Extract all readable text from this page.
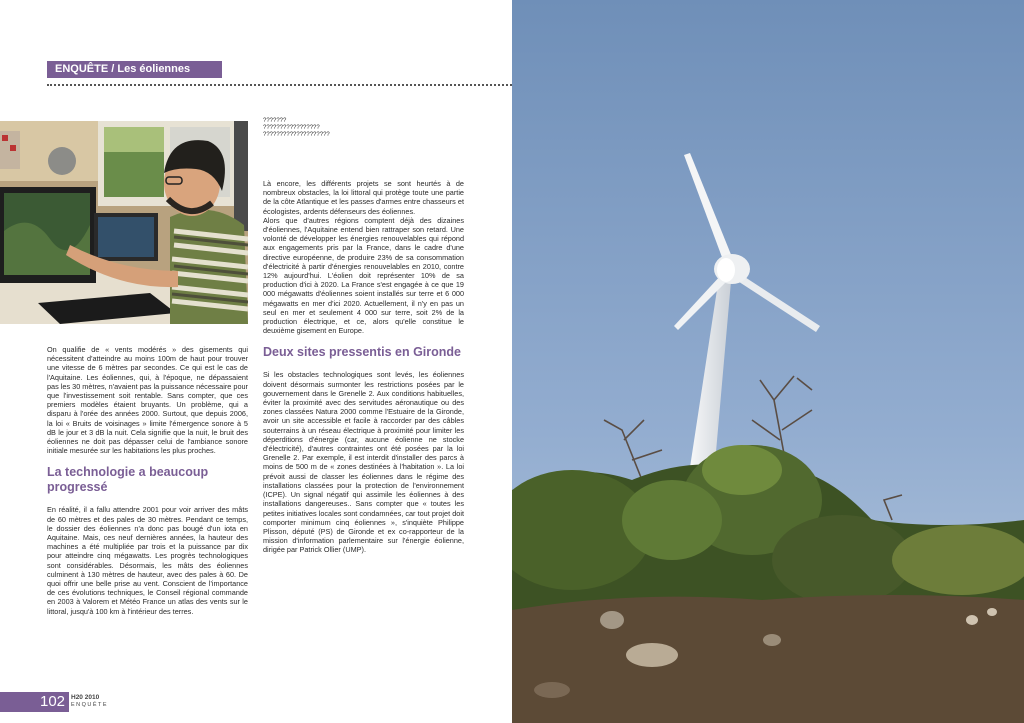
ENQUÊTE / Les éoliennes
???????
?????????????????
????????????????????

On qualifie de « vents modérés » des gisements qui nécessitent d'atteindre au moins 100m de haut pour trouver une vitesse de 6 mètres par secondes. Ce qui est le cas de l'Aquitaine. Les éoliennes, qui, à l'époque, ne dépassaient pas les 30 mètres, n'avaient pas la puissance nécessaire pour que l'investissement soit rentable. Sans compter, que ces premiers modèles étaient bruyants. Un problème, qui a disparu à l'orée des années 2000. Surtout, que depuis 2006, la loi « Bruits de voisinages » limite l'émergence sonore à 5 dB le jour et 3 dB la nuit. Cela signifie que la nuit, le bruit des éoliennes ne doit pas dépasser celui de l'ambiance sonore initiale mesurée sur les habitations les plus proches.

La technologie a beaucoup progressé

En réalité, il a fallu attendre 2001 pour voir arriver des mâts de 60 mètres et des pales de 30 mètres. Pendant ce temps, le dossier des éoliennes n'a donc pas bougé d'un iota en Aquitaine. Mais, ces neuf dernières années, la hauteur des machines a été multipliée par trois et la puissance par dix pour atteindre cinq mégawatts. Les progrès technologiques sont considérables. Désormais, les mâts des éoliennes culminent à 130 mètres de hauteur, avec des pales à 60. De quoi offrir une belle prise au vent. Conscient de l'importance de ces évolutions techniques, le Conseil régional commande en 2003 à Valorem et Météo France un atlas des vents sur le littoral, jusqu'à 100 km à l'intérieur des terres.

Là encore, les différents projets se sont heurtés à de nombreux obstacles, la loi littoral qui protège toute une partie de la côte Atlantique et les passes d'armes entre chasseurs et écologistes, ardents défenseurs des éoliennes.

Alors que d'autres régions comptent déjà des dizaines d'éoliennes, l'Aquitaine entend bien rattraper son retard. Une volonté de développer les énergies renouvelables qui répond aux engagements pris par la France, dans le cadre d'une directive européenne, de produire 23% de sa consommation d'électricité à partir d'énergies renouvelables en 2010, contre 12% aujourd'hui. L'éolien doit représenter 10% de sa production d'ici à 2020. La France s'est engagée à ce que 19 000 mégawatts d'éoliennes soient installés sur terre et 6 000 mégawatts en mer d'ici 2020. Actuellement, il n'y en pas un seul en mer et seulement 4 000 sur terre, soit 2% de la production électrique, et ce, alors qu'elle constitue le deuxième gisement en Europe.

Deux sites pressentis en Gironde

Si les obstacles technologiques sont levés, les éoliennes doivent désormais surmonter les restrictions posées par le gouvernement dans le Grenelle 2. Aux conditions habituelles, éviter la proximité avec des servitudes aéronautique ou des zones classées Natura 2000 comme l'Estuaire de la Gironde, avoir un site accessible et facile à raccorder par des câbles souterrains à un réseau électrique à proximité pour limiter les déperditions d'énergie (car, aucune éolienne ne stocke d'électricité), d'autres contraintes ont été posées par la loi Grenelle 2. Par exemple, il est interdit d'installer des parcs à moins de 500 m de « zones destinées à l'habitation ». La loi prévoit aussi de classer les éoliennes dans le régime des installations classées pour la protection de l'environnement (ICPE). Un signal négatif qui assimile les éoliennes à des installations dangereuses.. Sans compter que « toutes les petites initiatives locales sont condamnées, car tout projet doit comporter minimum cinq éoliennes », s'inquiète Philippe Plisson, député (PS) de Gironde et ex co-rapporteur de la mission d'information parlementaire sur l'énergie éolienne, dirigée par Patrick Ollier (UMP).

102 H20 2010
ENQUÊTE
